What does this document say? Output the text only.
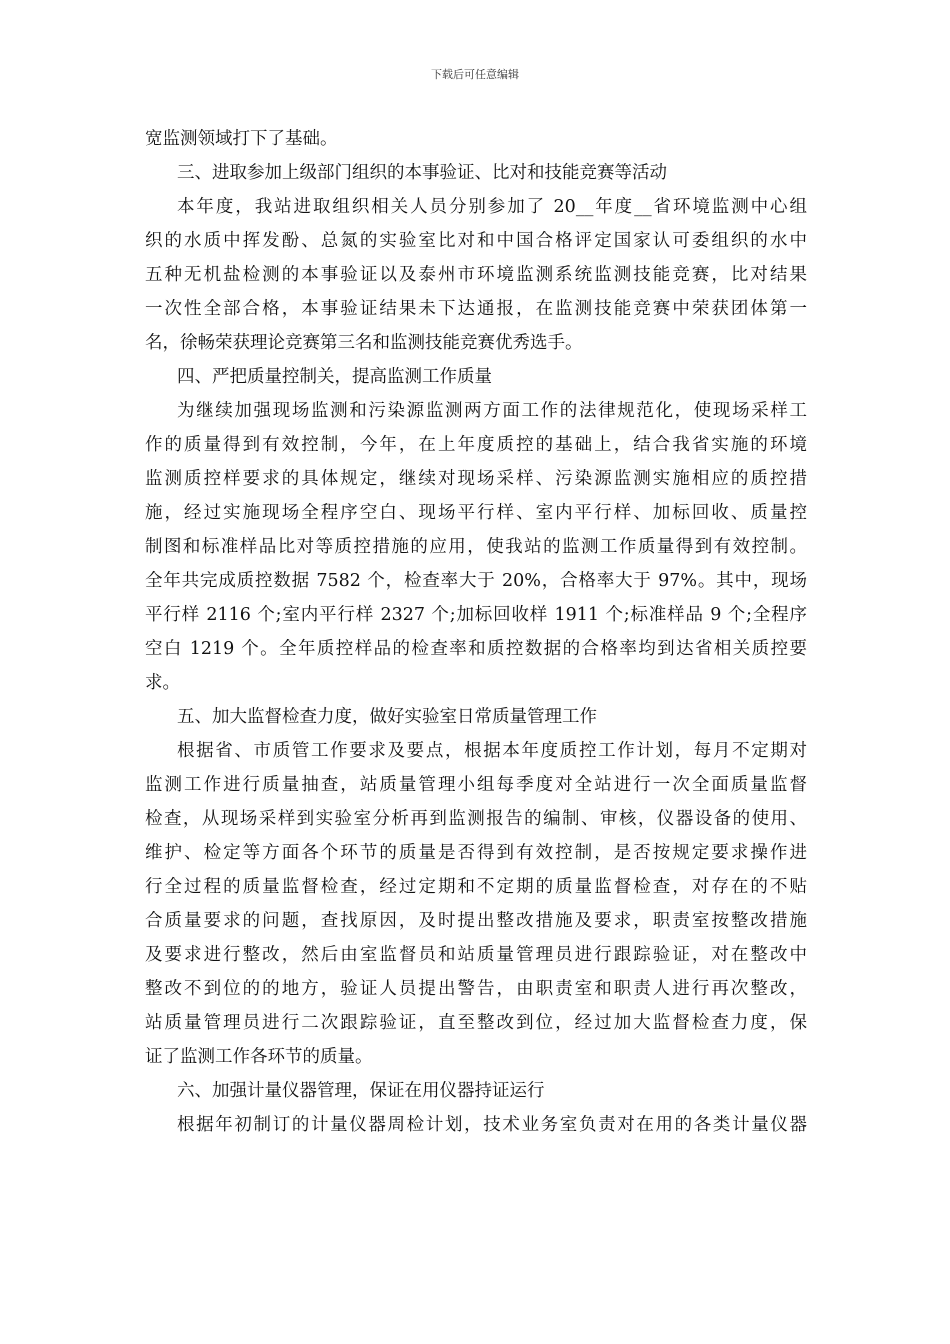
下载后可任意编辑
宽监测领域打下了基础。
三、进取参加上级部门组织的本事验证、比对和技能竞赛等活动
本年度，我站进取组织相关人员分别参加了 20__年度__省环境监测中心组
织的水质中挥发酚、总氮的实验室比对和中国合格评定国家认可委组织的水中
五种无机盐检测的本事验证以及泰州市环境监测系统监测技能竞赛，比对结果
一次性全部合格，本事验证结果未下达通报，在监测技能竞赛中荣获团体第一
名，徐畅荣获理论竞赛第三名和监测技能竞赛优秀选手。
四、严把质量控制关，提高监测工作质量
为继续加强现场监测和污染源监测两方面工作的法律规范化，使现场采样工
作的质量得到有效控制，今年，在上年度质控的基础上，结合我省实施的环境
监测质控样要求的具体规定，继续对现场采样、污染源监测实施相应的质控措
施，经过实施现场全程序空白、现场平行样、室内平行样、加标回收、质量控
制图和标准样品比对等质控措施的应用，使我站的监测工作质量得到有效控制。
全年共完成质控数据 7582 个，检查率大于 20%，合格率大于 97%。其中，现场
平行样 2116 个;室内平行样 2327 个;加标回收样 1911 个;标准样品 9 个;全程序
空白 1219 个。全年质控样品的检查率和质控数据的合格率均到达省相关质控要
求。
五、加大监督检查力度，做好实验室日常质量管理工作
根据省、市质管工作要求及要点，根据本年度质控工作计划，每月不定期对
监测工作进行质量抽查，站质量管理小组每季度对全站进行一次全面质量监督
检查，从现场采样到实验室分析再到监测报告的编制、审核，仪器设备的使用、
维护、检定等方面各个环节的质量是否得到有效控制，是否按规定要求操作进
行全过程的质量监督检查，经过定期和不定期的质量监督检查，对存在的不贴
合质量要求的问题，查找原因，及时提出整改措施及要求，职责室按整改措施
及要求进行整改，然后由室监督员和站质量管理员进行跟踪验证，对在整改中
整改不到位的的地方，验证人员提出警告，由职责室和职责人进行再次整改，
站质量管理员进行二次跟踪验证，直至整改到位，经过加大监督检查力度，保
证了监测工作各环节的质量。
六、加强计量仪器管理，保证在用仪器持证运行
根据年初制订的计量仪器周检计划，技术业务室负责对在用的各类计量仪器
